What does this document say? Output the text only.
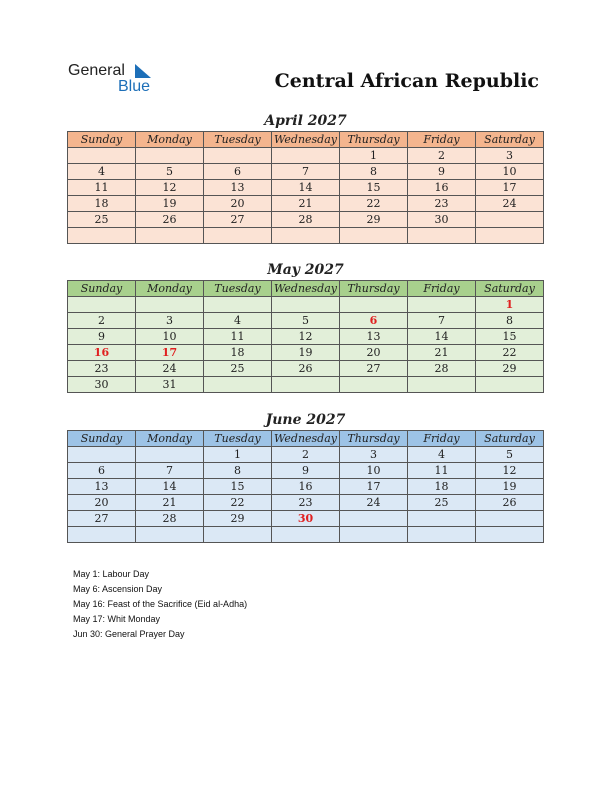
General
Blue	Central African Republic
April 2027
Sunday	Monday	Tuesday	Wednesday	Thursday	Friday	Saturday
				1	2	3
4	5	6	7	8	9	10
11	12	13	14	15	16	17
18	19	20	21	22	23	24
25	26	27	28	29	30	

May 2027
Sunday	Monday	Tuesday	Wednesday	Thursday	Friday	Saturday
						1
2	3	4	5	6	7	8
9	10	11	12	13	14	15
16	17	18	19	20	21	22
23	24	25	26	27	28	29
30	31					
June 2027
Sunday	Monday	Tuesday	Wednesday	Thursday	Friday	Saturday
		1	2	3	4	5
6	7	8	9	10	11	12
13	14	15	16	17	18	19
20	21	22	23	24	25	26
27	28	29	30			

May 1: Labour Day
May 6: Ascension Day
May 16: Feast of the Sacrifice (Eid al-Adha)
May 17: Whit Monday
Jun 30: General Prayer Day
